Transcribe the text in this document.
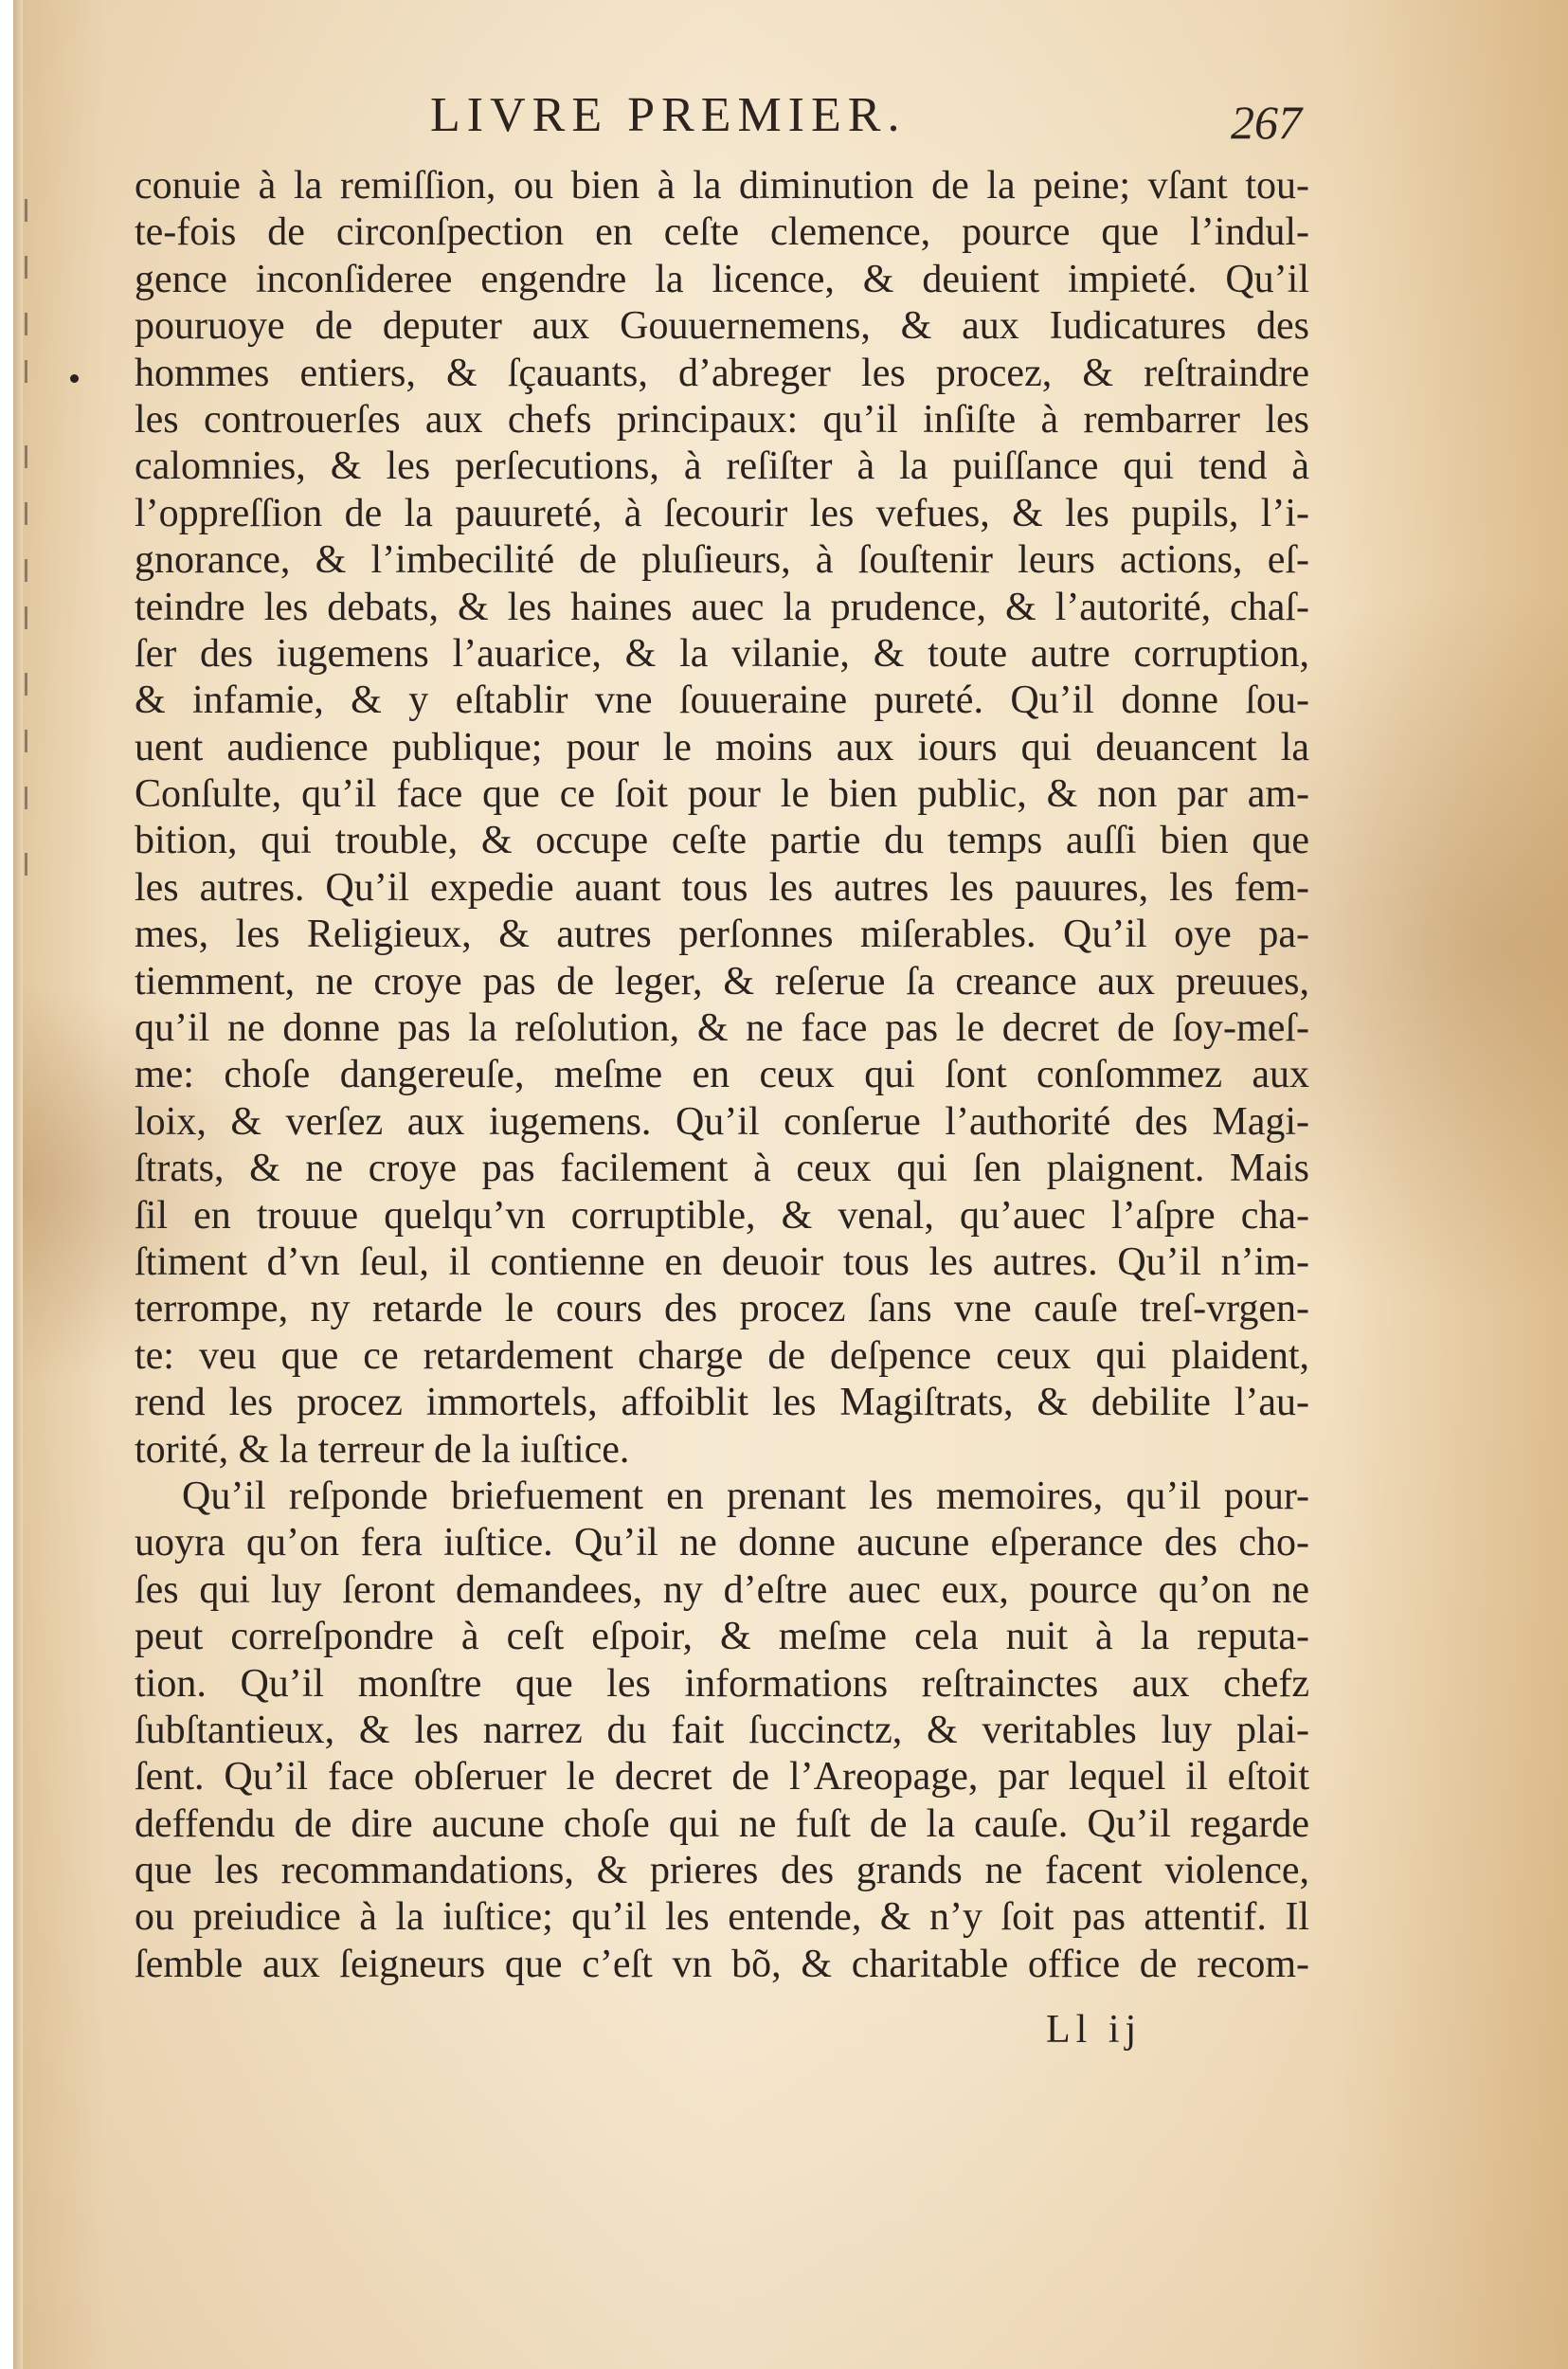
LIVRE PREMIER.	267
conuie à la remiſſion, ou bien à la diminution de la peine; vſant tou-
te-fois de circonſpection en ceſte clemence, pource que l’indul-
gence inconſideree engendre la licence, & deuient impieté. Qu’il
pouruoye de deputer aux Gouuernemens, & aux Iudicatures des
hommes entiers, & ſçauants, d’abreger les procez, & reſtraindre
les controuerſes aux chefs principaux: qu’il inſiſte à rembarrer les
calomnies, & les perſecutions, à reſiſter à la puiſſance qui tend à
l’oppreſſion de la pauureté, à ſecourir les vefues, & les pupils, l’i-
gnorance, & l’imbecilité de pluſieurs, à ſouſtenir leurs actions, eſ-
teindre les debats, & les haines auec la prudence, & l’autorité, chaſ-
ſer des iugemens l’auarice, & la vilanie, & toute autre corruption,
& infamie, & y eſtablir vne ſouueraine pureté. Qu’il donne ſou-
uent audience publique; pour le moins aux iours qui deuancent la
Conſulte, qu’il face que ce ſoit pour le bien public, & non par am-
bition, qui trouble, & occupe ceſte partie du temps auſſi bien que
les autres. Qu’il expedie auant tous les autres les pauures, les fem-
mes, les Religieux, & autres perſonnes miſerables. Qu’il oye pa-
tiemment, ne croye pas de leger, & reſerue ſa creance aux preuues,
qu’il ne donne pas la reſolution, & ne face pas le decret de ſoy-meſ-
me: choſe dangereuſe, meſme en ceux qui ſont conſommez aux
loix, & verſez aux iugemens. Qu’il conſerue l’authorité des Magi-
ſtrats, & ne croye pas facilement à ceux qui ſen plaignent. Mais
ſil en trouue quelqu’vn corruptible, & venal, qu’auec l’aſpre cha-
ſtiment d’vn ſeul, il contienne en deuoir tous les autres. Qu’il n’im-
terrompe, ny retarde le cours des procez ſans vne cauſe treſ-vrgen-
te: veu que ce retardement charge de deſpence ceux qui plaident,
rend les procez immortels, affoiblit les Magiſtrats, & debilite l’au-
torité, & la terreur de la iuſtice.
Qu’il reſponde briefuement en prenant les memoires, qu’il pour-
uoyra qu’on fera iuſtice. Qu’il ne donne aucune eſperance des cho-
ſes qui luy ſeront demandees, ny d’eſtre auec eux, pource qu’on ne
peut correſpondre à ceſt eſpoir, & meſme cela nuit à la reputa-
tion. Qu’il monſtre que les informations reſtrainctes aux chefz
ſubſtantieux, & les narrez du fait ſuccinctz, & veritables luy plai-
ſent. Qu’il face obſeruer le decret de l’Areopage, par lequel il eſtoit
deffendu de dire aucune choſe qui ne fuſt de la cauſe. Qu’il regarde
que les recommandations, & prieres des grands ne facent violence,
ou preiudice à la iuſtice; qu’il les entende, & n’y ſoit pas attentif. Il
ſemble aux ſeigneurs que c’eſt vn bõ, & charitable office de recom-
Ll ij
